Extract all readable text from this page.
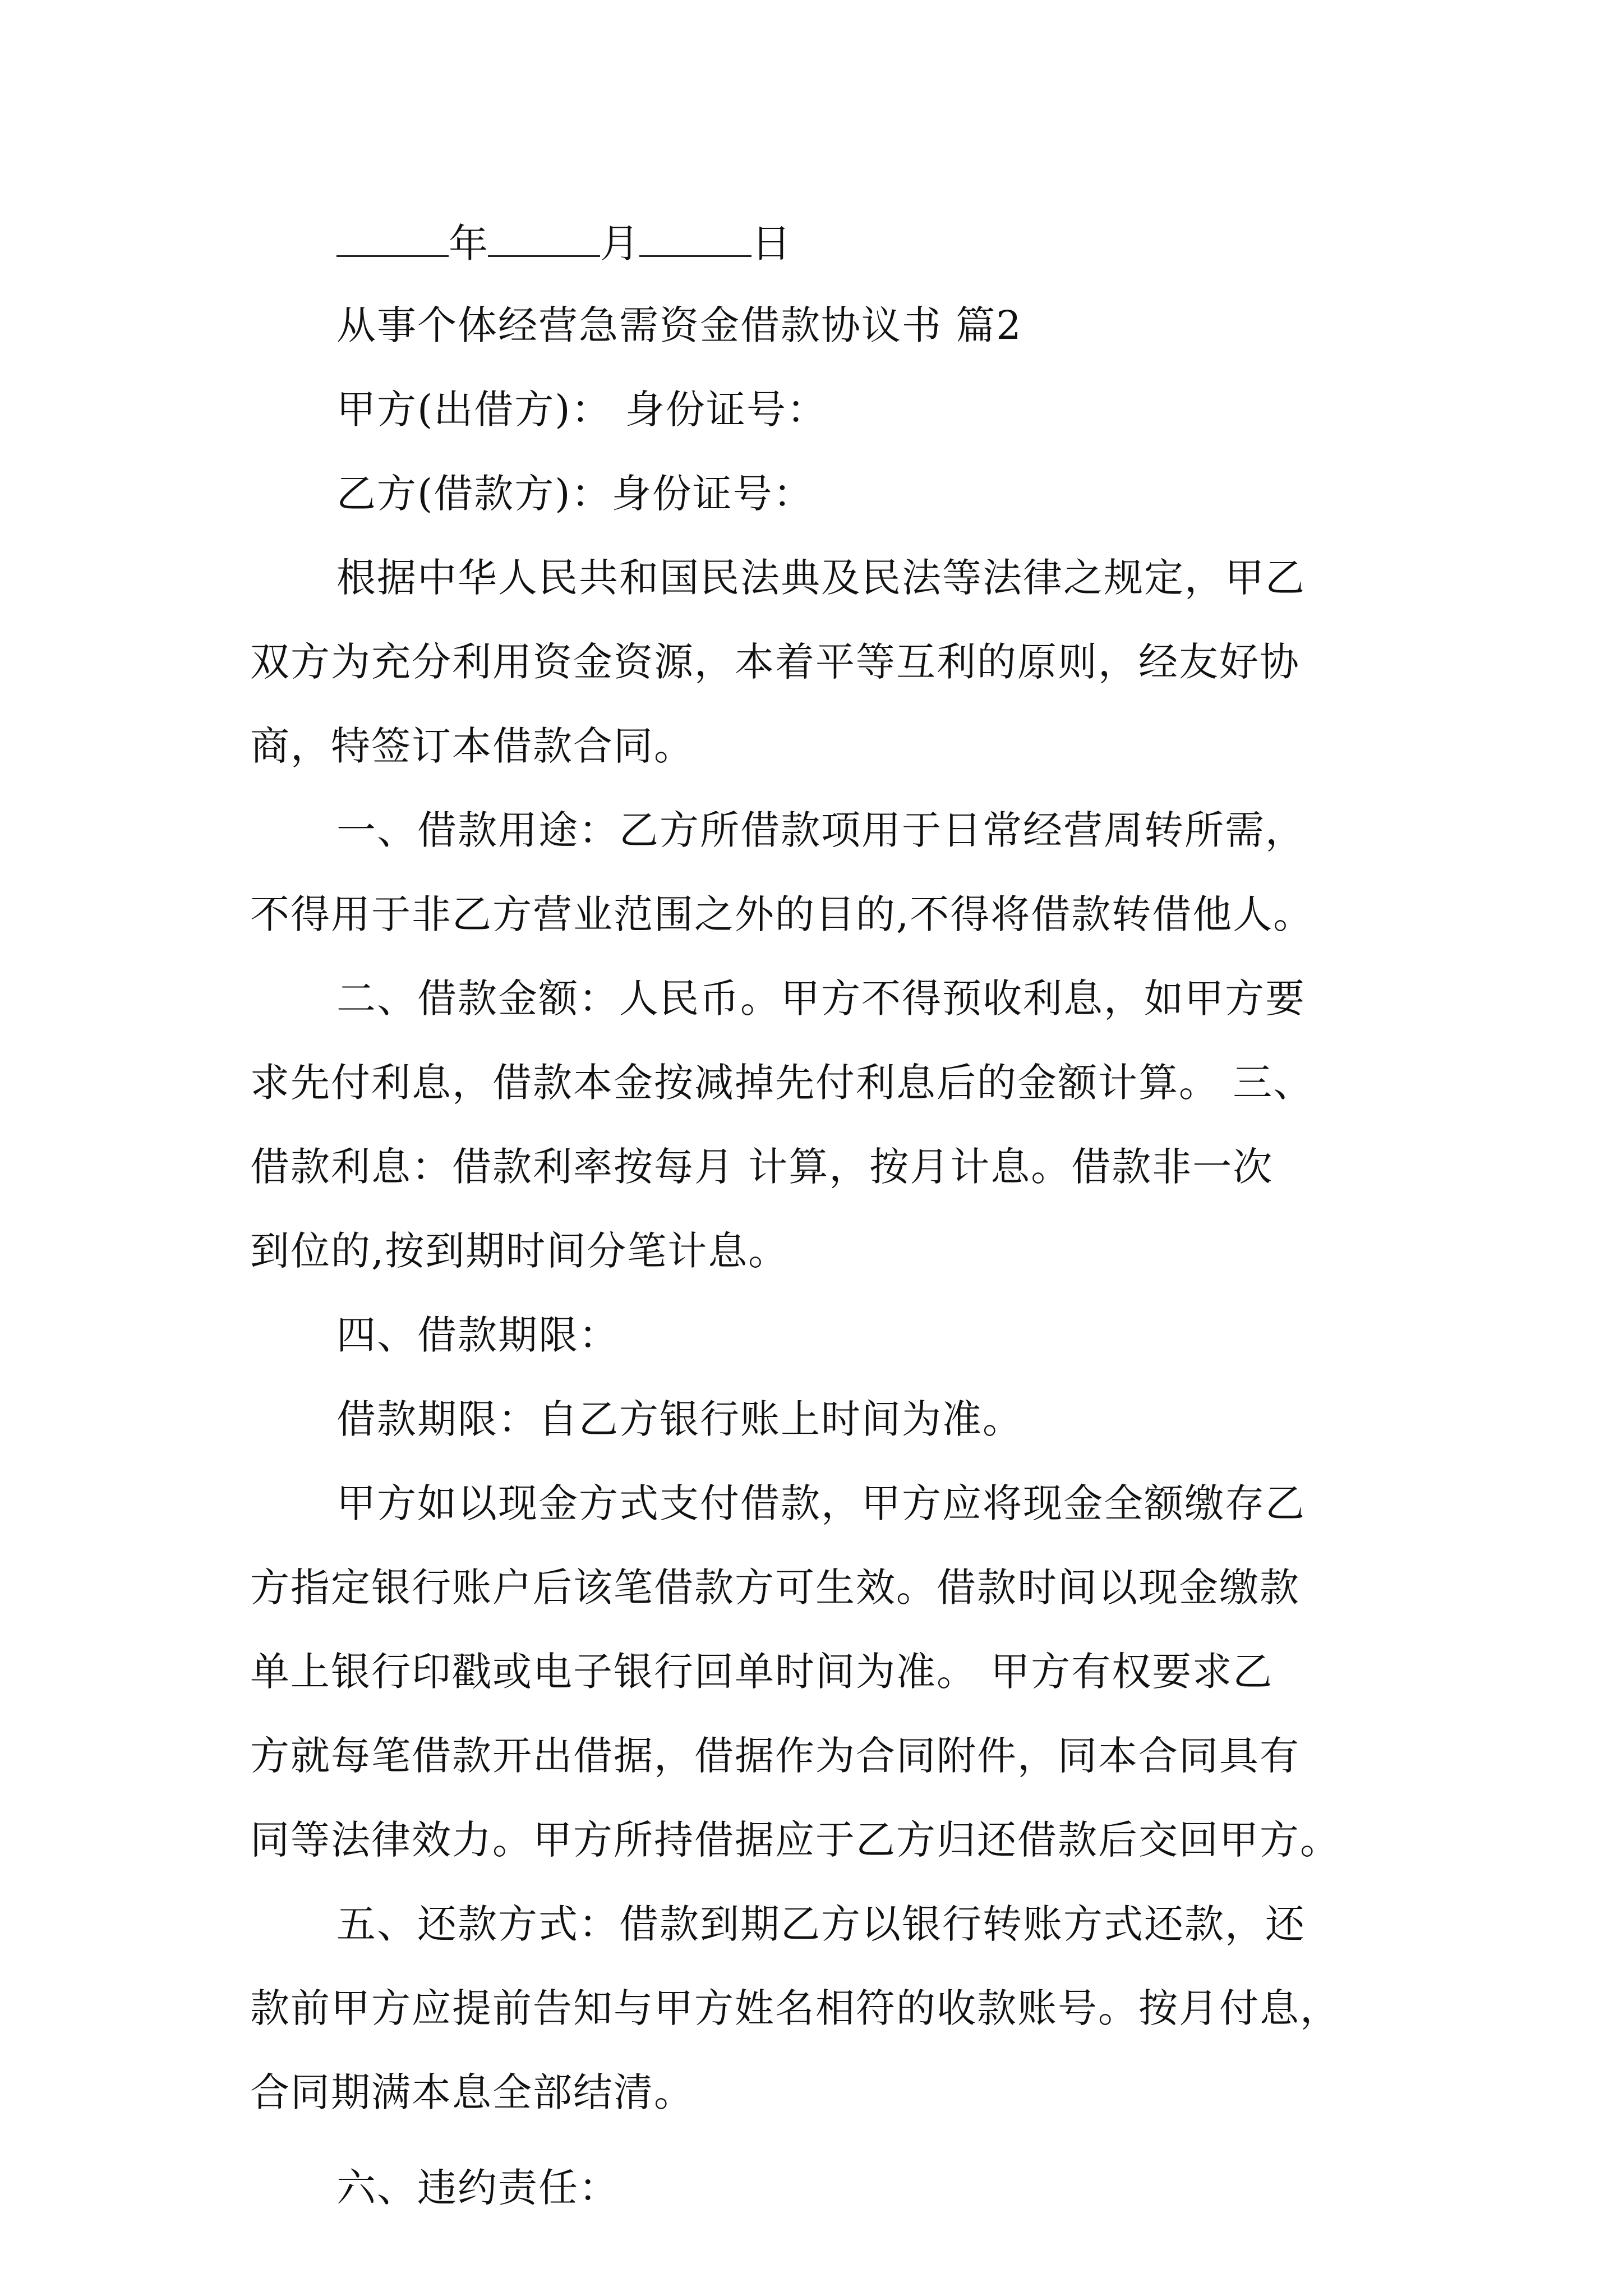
年	月	日
从事个体经营急需资金借款协议书 篇2
甲方(出借方)： 身份证号：
乙方(借款方)：身份证号：
根据中华人民共和国民法典及民法等法律之规定，甲乙
双方为充分利用资金资源，本着平等互利的原则，经友好协
商，特签订本借款合同。
一、借款用途：乙方所借款项用于日常经营周转所需，
不得用于非乙方营业范围之外的目的,不得将借款转借他人。
二、借款金额：人民币。甲方不得预收利息，如甲方要
求先付利息，借款本金按减掉先付利息后的金额计算。 三、
借款利息：借款利率按每月 计算，按月计息。借款非一次
到位的,按到期时间分笔计息。
四、借款期限：
借款期限：自乙方银行账上时间为准。
甲方如以现金方式支付借款，甲方应将现金全额缴存乙
方指定银行账户后该笔借款方可生效。借款时间以现金缴款
单上银行印戳或电子银行回单时间为准。 甲方有权要求乙
方就每笔借款开出借据，借据作为合同附件，同本合同具有
同等法律效力。甲方所持借据应于乙方归还借款后交回甲方。
五、还款方式：借款到期乙方以银行转账方式还款，还
款前甲方应提前告知与甲方姓名相符的收款账号。按月付息，
合同期满本息全部结清。
六、违约责任：
